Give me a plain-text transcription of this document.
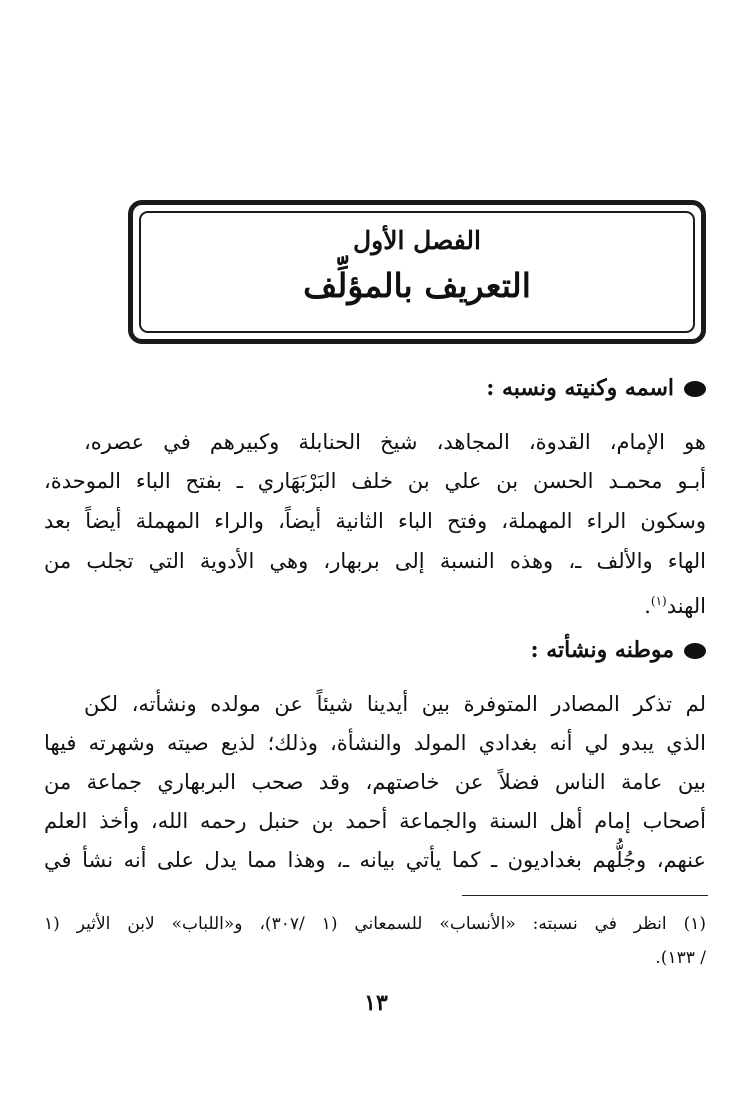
الفصل الأول
التعريف بالمؤلِّف
اسمه وكنيته ونسبه :
هو الإمام، القدوة، المجاهد، شيخ الحنابلة وكبيرهم في عصره،
أبـو محمـد الحسن بن علي بن خلف البَرْبَهَاري ـ بفتح الباء الموحدة،
وسكون الراء المهملة، وفتح الباء الثانية أيضاً، والراء المهملة أيضاً بعد
الهاء والألف ـ، وهذه النسبة إلى بربهار، وهي الأدوية التي تجلب من
الهند$^{(١)}$.
موطنه ونشأته :
لم تذكر المصادر المتوفرة بين أيدينا شيئاً عن مولده ونشأته، لكن
الذي يبدو لي أنه بغدادي المولد والنشأة، وذلك؛ لذيع صيته وشهرته فيها
بين عامة الناس فضلاً عن خاصتهم، وقد صحب البربهاري جماعة من
أصحاب إمام أهل السنة والجماعة أحمد بن حنبل رحمه الله، وأخذ العلم
عنهم، وجُلُّهم بغداديون ـ كما يأتي بيانه ـ، وهذا مما يدل على أنه نشأ في
(١) انظر في نسبته: «الأنساب» للسمعاني (١ /٣٠٧)، و«اللباب» لابن الأثير (١
/ ١٣٣).
١٣
